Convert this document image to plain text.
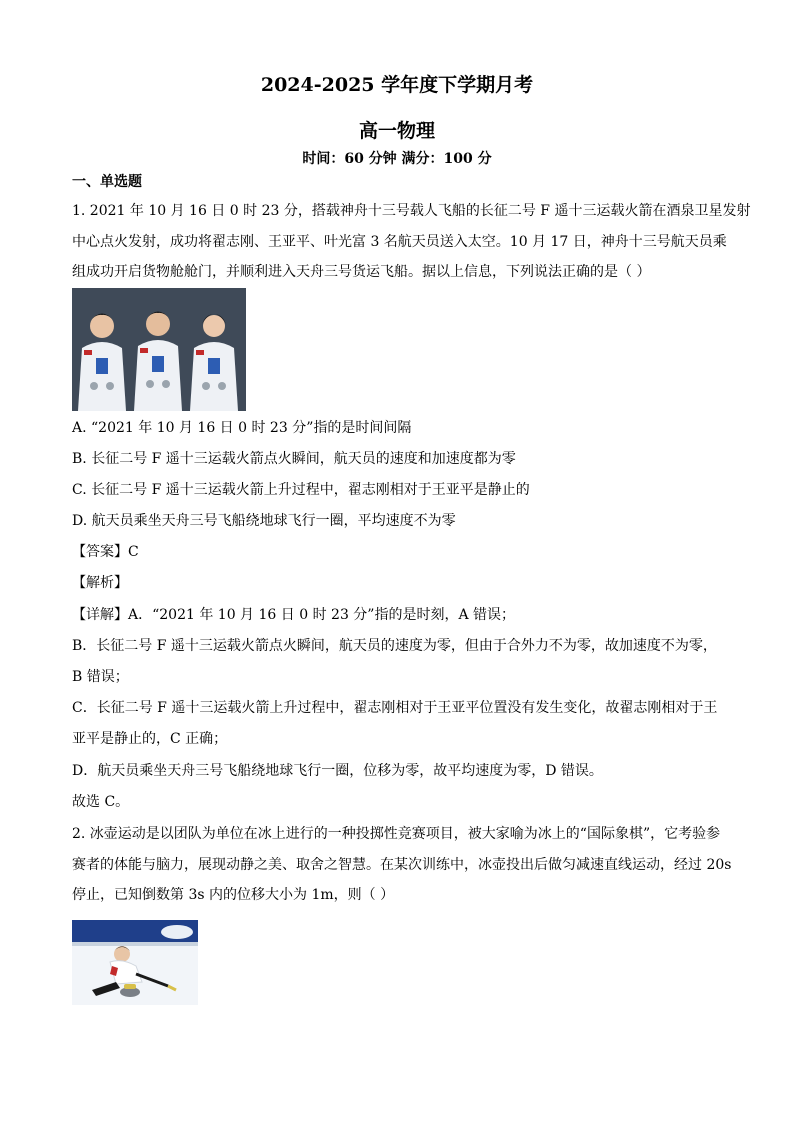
2024-2025 学年度下学期月考
高一物理
时间：60 分钟 满分：100 分
一、单选题
1. 2021 年 10 月 16 日 0 时 23 分，搭载神舟十三号载人飞船的长征二号 F 遥十三运载火箭在酒泉卫星发射
中心点火发射，成功将翟志刚、王亚平、叶光富 3 名航天员送入太空。10 月 17 日，神舟十三号航天员乘
组成功开启货物舱舱门，并顺利进入天舟三号货运飞船。据以上信息，下列说法正确的是（ ）
A. “2021 年 10 月 16 日 0 时 23 分”指的是时间间隔
B. 长征二号 F 遥十三运载火箭点火瞬间，航天员的速度和加速度都为零
C. 长征二号 F 遥十三运载火箭上升过程中，翟志刚相对于王亚平是静止的
D. 航天员乘坐天舟三号飞船绕地球飞行一圈，平均速度不为零
【答案】C
【解析】
【详解】A．“2021 年 10 月 16 日 0 时 23 分”指的是时刻，A 错误；
B．长征二号 F 遥十三运载火箭点火瞬间，航天员的速度为零，但由于合外力不为零，故加速度不为零，
B 错误；
C．长征二号 F 遥十三运载火箭上升过程中，翟志刚相对于王亚平位置没有发生变化，故翟志刚相对于王
亚平是静止的，C 正确；
D．航天员乘坐天舟三号飞船绕地球飞行一圈，位移为零，故平均速度为零，D 错误。
故选 C。
2. 冰壶运动是以团队为单位在冰上进行的一种投掷性竞赛项目，被大家喻为冰上的“国际象棋”，它考验参
赛者的体能与脑力，展现动静之美、取舍之智慧。在某次训练中，冰壶投出后做匀减速直线运动，经过 20s
停止，已知倒数第 3s 内的位移大小为 1m，则（ ）
